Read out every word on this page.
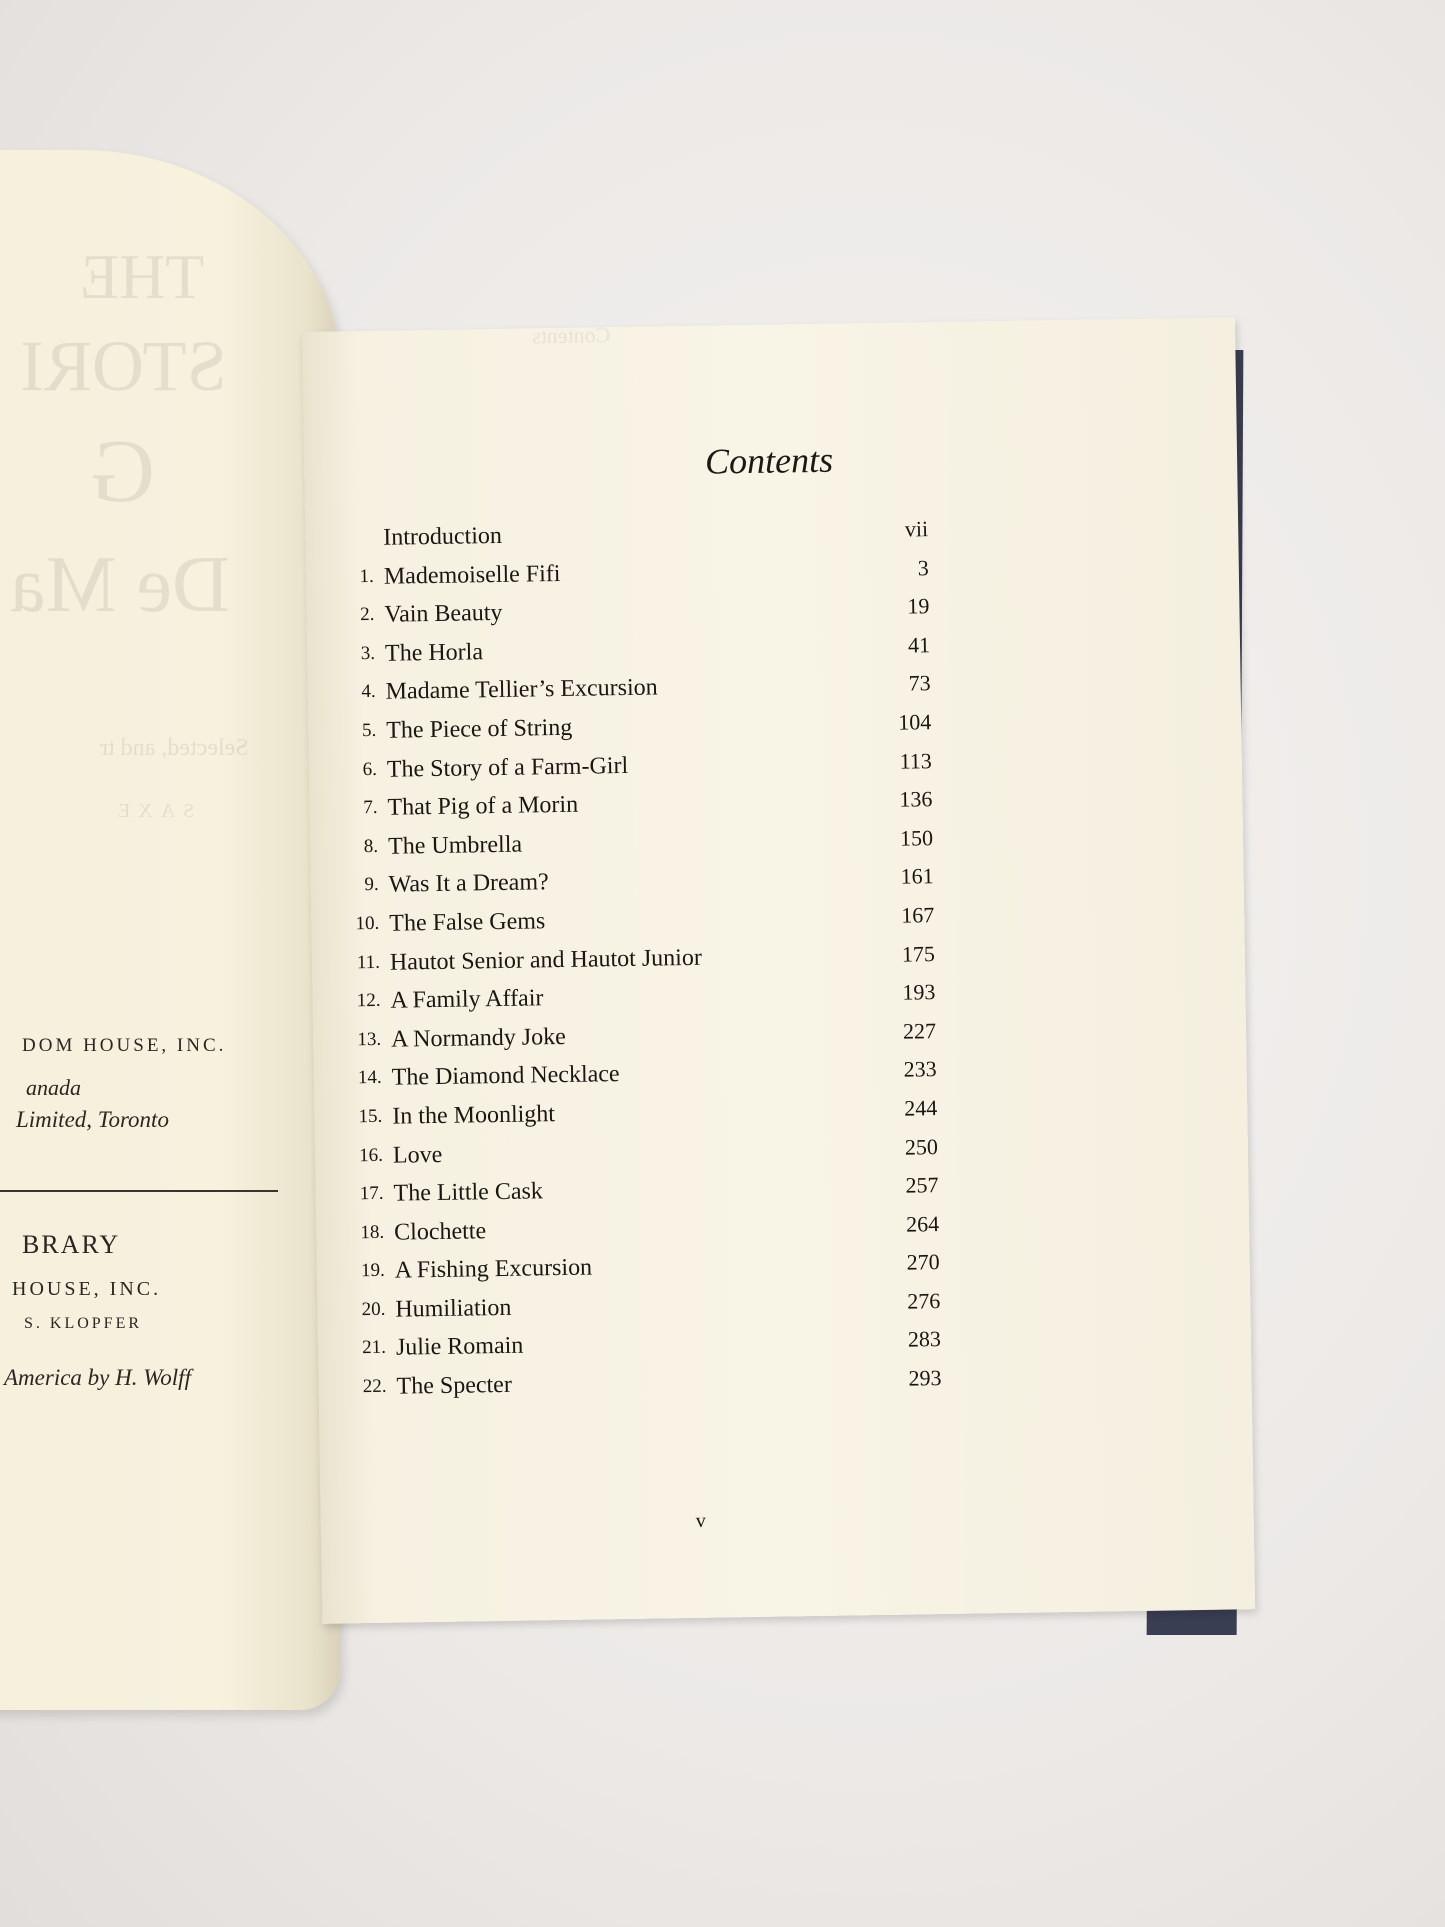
THE
STORI
G
De Ma
Selected, and tr
SAXE
DOM HOUSE, INC.
anada
Limited, Toronto
BRARY
HOUSE, INC.
S. KLOPFER
America by H. Wolff
Contents
Contents
Introduction	vii
1. Mademoiselle Fifi	3
2. Vain Beauty	19
3. The Horla	41
4. Madame Tellier’s Excursion	73
5. The Piece of String	104
6. The Story of a Farm-Girl	113
7. That Pig of a Morin	136
8. The Umbrella	150
9. Was It a Dream?	161
10. The False Gems	167
11. Hautot Senior and Hautot Junior	175
12. A Family Affair	193
13. A Normandy Joke	227
14. The Diamond Necklace	233
15. In the Moonlight	244
16. Love	250
17. The Little Cask	257
18. Clochette	264
19. A Fishing Excursion	270
20. Humiliation	276
21. Julie Romain	283
22. The Specter	293
v
